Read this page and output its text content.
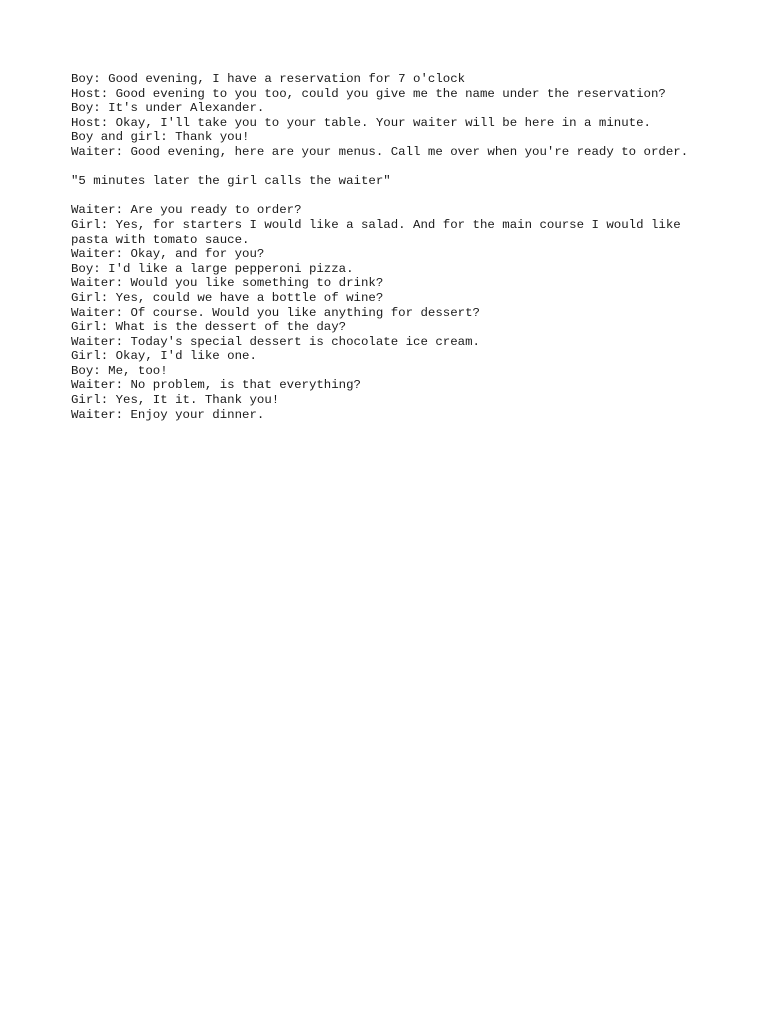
Boy: Good evening, I have a reservation for 7 o'clock
Host: Good evening to you too, could you give me the name under the reservation?
Boy: It's under Alexander.
Host: Okay, I'll take you to your table. Your waiter will be here in a minute.
Boy and girl: Thank you!
Waiter: Good evening, here are your menus. Call me over when you're ready to order.
"5 minutes later the girl calls the waiter"
Waiter: Are you ready to order?
Girl: Yes, for starters I would like a salad. And for the main course I would like
pasta with tomato sauce.
Waiter: Okay, and for you?
Boy: I'd like a large pepperoni pizza.
Waiter: Would you like something to drink?
Girl: Yes, could we have a bottle of wine?
Waiter: Of course. Would you like anything for dessert?
Girl: What is the dessert of the day?
Waiter: Today's special dessert is chocolate ice cream.
Girl: Okay, I'd like one.
Boy: Me, too!
Waiter: No problem, is that everything?
Girl: Yes, It it. Thank you!
Waiter: Enjoy your dinner.
